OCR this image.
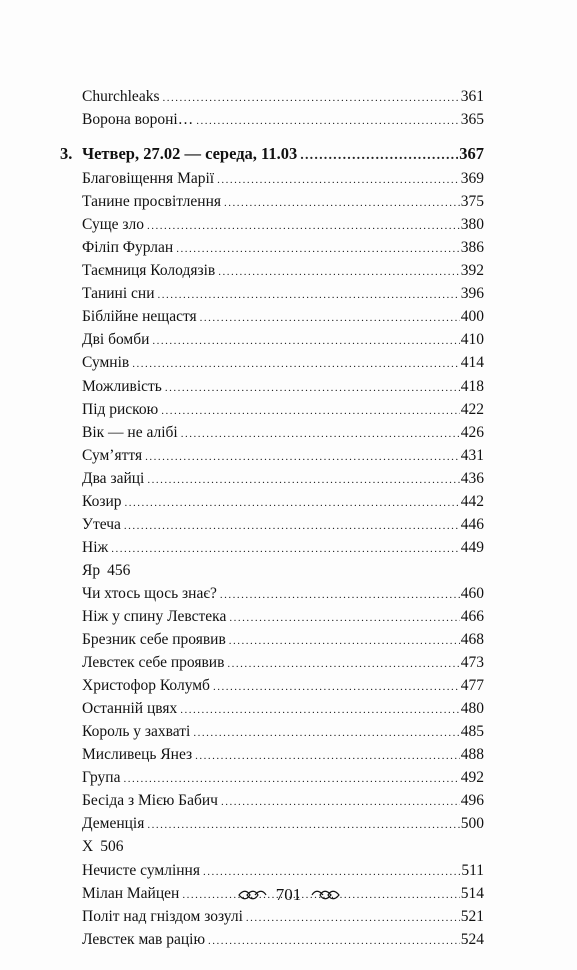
Churchleaks .....	361
Ворона вороні… .....	365
3. Четвер, 27.02 — середа, 11.03 .....	367
Благовіщення Марії .....	369
Танине просвітлення .....	375
Суще зло .....	380
Філіп Фурлан .....	386
Таємниця Колодязів .....	392
Танині сни .....	396
Біблійне нещастя .....	400
Дві бомби .....	410
Сумнів .....	414
Можливість .....	418
Під рискою .....	422
Вік — не алібі .....	426
Сум’яття .....	431
Два зайці .....	436
Козир .....	442
Утеча .....	446
Ніж .....	449
Яр 456
Чи хтось щось знає? .....	460
Ніж у спину Левстека .....	466
Брезник себе проявив .....	468
Левстек себе проявив .....	473
Христофор Колумб .....	477
Останній цвях .....	480
Король у захваті .....	485
Мисливець Янез .....	488
Група .....	492
Бесіда з Мією Бабич .....	496
Деменція .....	500
Х 506
Нечисте сумління .....	511
Мілан Майцен .....	514
Політ над гніздом зозулі .....	521
Левстек мав рацію .....	524
701
